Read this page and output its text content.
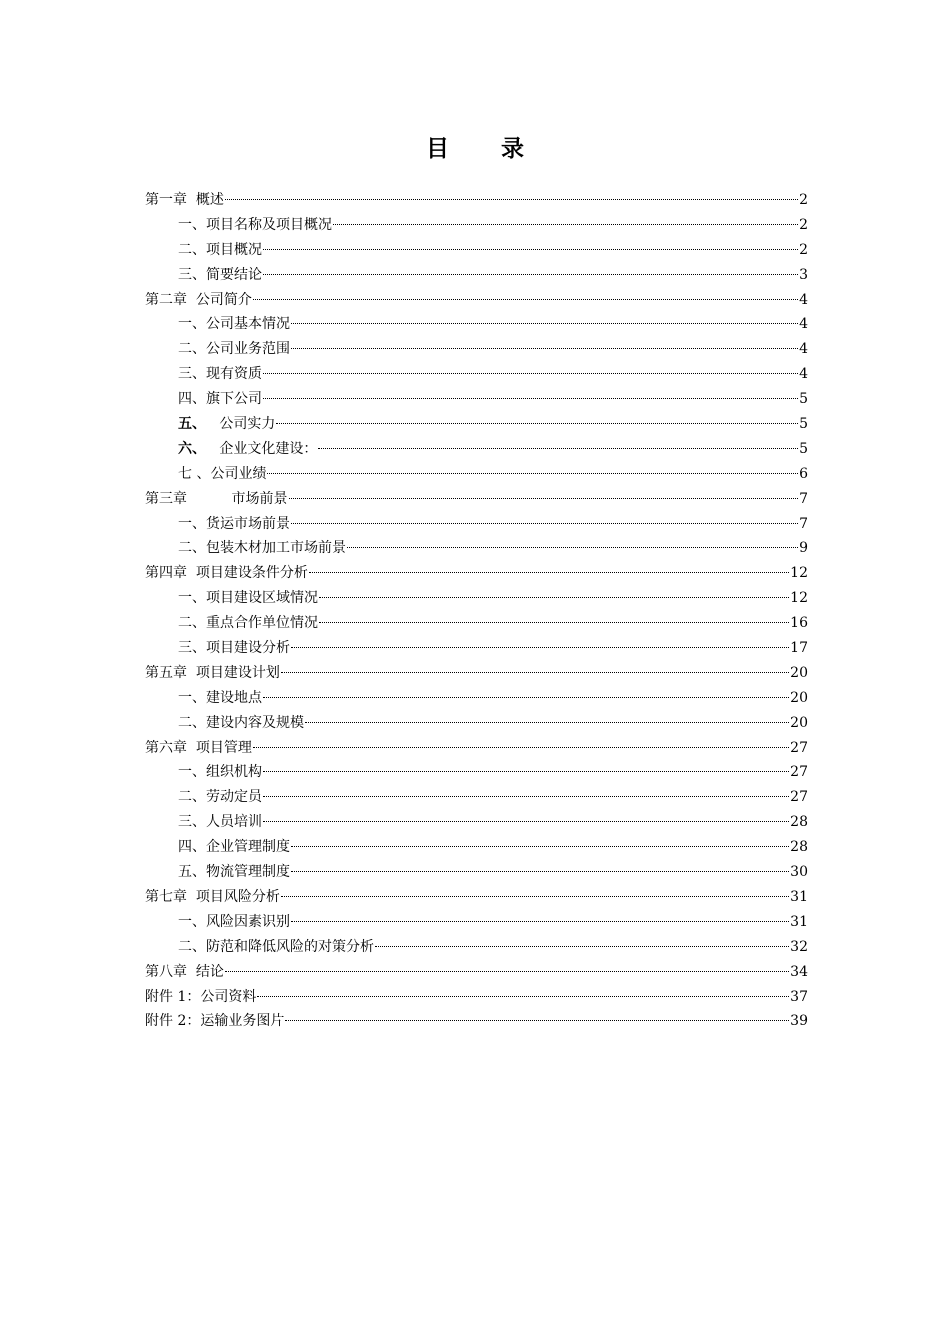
目 录
第一章  概述	2
一、项目名称及项目概况	2
二、项目概况	2
三、简要结论	3
第二章  公司简介	4
一、公司基本情况	4
二、公司业务范围	4
三、现有资质	4
四、旗下公司	5
五、   公司实力	5
六、   企业文化建设：	5
七 、公司业绩	6
第三章          市场前景	7
一、货运市场前景	7
二、包装木材加工市场前景	9
第四章  项目建设条件分析	12
一、项目建设区域情况	12
二、重点合作单位情况	16
三、项目建设分析	17
第五章  项目建设计划	20
一、建设地点	20
二、建设内容及规模	20
第六章  项目管理	27
一、组织机构	27
二、劳动定员	27
三、人员培训	28
四、企业管理制度	28
五、物流管理制度	30
第七章  项目风险分析	31
一、风险因素识别	31
二、防范和降低风险的对策分析	32
第八章  结论	34
附件 1：公司资料	37
附件 2：运输业务图片	39
